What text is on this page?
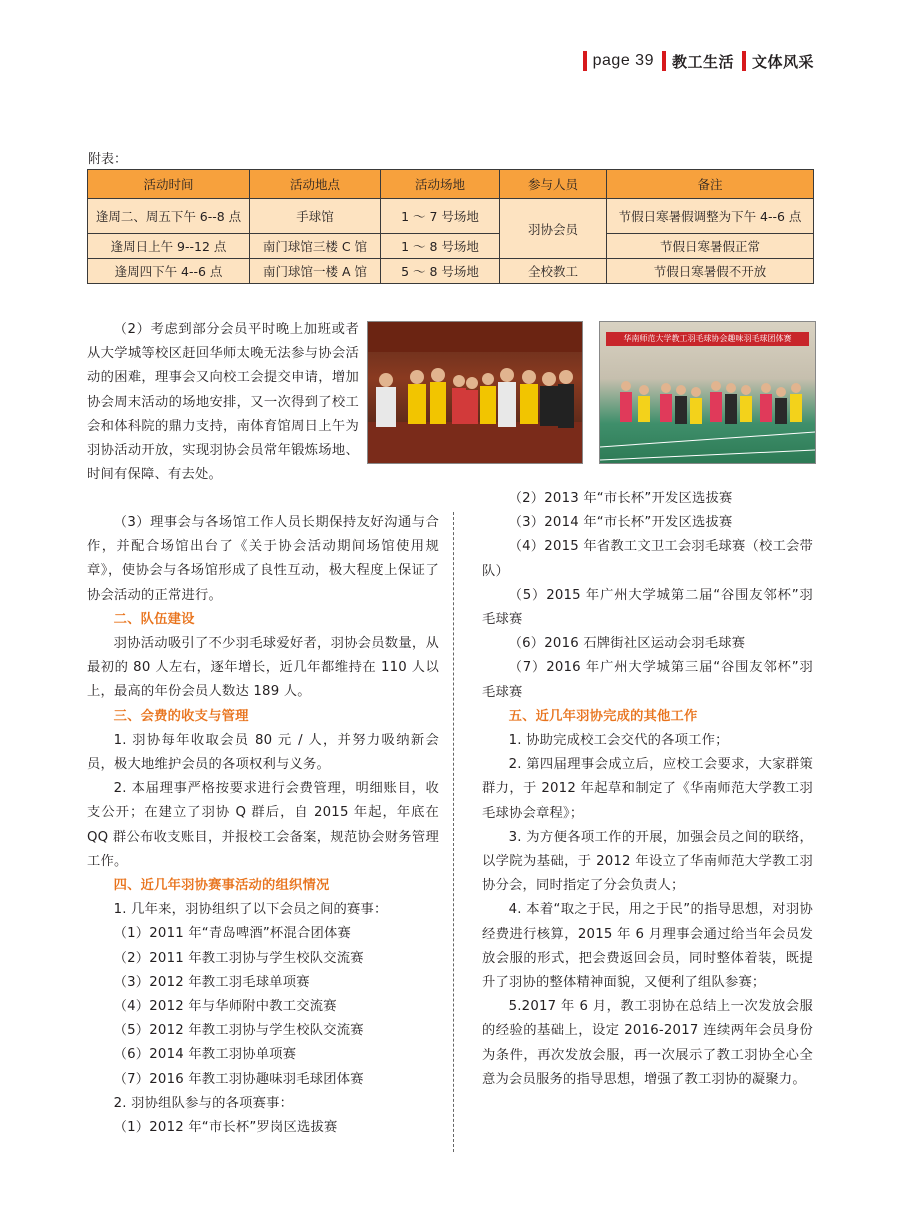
page 39 教工生活 文体风采
附表：
活动时间	活动地点	活动场地	参与人员	备注
逢周二、周五下午 6--8 点	手球馆	1 ～ 7 号场地	羽协会员	节假日寒暑假调整为下午 4--6 点
逢周日上午 9--12 点	南门球馆三楼 C 馆	1 ～ 8 号场地		节假日寒暑假正常
逢周四下午 4--6 点	南门球馆一楼 A 馆	5 ～ 8 号场地	全校教工	节假日寒暑假不开放
华南师范大学教工羽毛球协会趣味羽毛球团体赛

（2）考虑到部分会员平时晚上加班或者从大学城等校区赶回华师太晚无法参与协会活动的困难，理事会又向校工会提交申请，增加协会周末活动的场地安排，又一次得到了校工会和体科院的鼎力支持，南体育馆周日上午为羽协活动开放，实现羽协会员常年锻炼场地、时间有保障、有去处。

（3）理事会与各场馆工作人员长期保持友好沟通与合作，并配合场馆出台了《关于协会活动期间场馆使用规章》，使协会与各场馆形成了良性互动，极大程度上保证了协会活动的正常进行。

二、队伍建设

羽协活动吸引了不少羽毛球爱好者，羽协会员数量，从最初的 80 人左右，逐年增长，近几年都维持在 110 人以上，最高的年份会员人数达 189 人。

三、会费的收支与管理

1. 羽协每年收取会员 80 元 / 人，并努力吸纳新会员，极大地维护会员的各项权利与义务。

2. 本届理事严格按要求进行会费管理，明细账目，收支公开；在建立了羽协 Q 群后，自 2015 年起，年底在 QQ 群公布收支账目，并报校工会备案，规范协会财务管理工作。

四、近几年羽协赛事活动的组织情况

1. 几年来，羽协组织了以下会员之间的赛事：

（1）2011 年“青岛啤酒”杯混合团体赛

（2）2011 年教工羽协与学生校队交流赛

（3）2012 年教工羽毛球单项赛

（4）2012 年与华师附中教工交流赛

（5）2012 年教工羽协与学生校队交流赛

（6）2014 年教工羽协单项赛

（7）2016 年教工羽协趣味羽毛球团体赛

2. 羽协组队参与的各项赛事：

（1）2012 年“市长杯”罗岗区选拔赛

（2）2013 年“市长杯”开发区选拔赛

（3）2014 年“市长杯”开发区选拔赛

（4）2015 年省教工文卫工会羽毛球赛（校工会带队）

（5）2015 年广州大学城第二届“谷围友邻杯”羽毛球赛

（6）2016 石牌街社区运动会羽毛球赛

（7）2016 年广州大学城第三届“谷围友邻杯”羽毛球赛

五、近几年羽协完成的其他工作

1. 协助完成校工会交代的各项工作；

2. 第四届理事会成立后，应校工会要求，大家群策群力，于 2012 年起草和制定了《华南师范大学教工羽毛球协会章程》；

3. 为方便各项工作的开展，加强会员之间的联络，以学院为基础，于 2012 年设立了华南师范大学教工羽协分会，同时指定了分会负责人；

4. 本着“取之于民，用之于民”的指导思想，对羽协经费进行核算，2015 年 6 月理事会通过给当年会员发放会服的形式，把会费返回会员，同时整体着装，既提升了羽协的整体精神面貌，又便利了组队参赛；

5.2017 年 6 月，教工羽协在总结上一次发放会服的经验的基础上，设定 2016-2017 连续两年会员身份为条件，再次发放会服，再一次展示了教工羽协全心全意为会员服务的指导思想，增强了教工羽协的凝聚力。
